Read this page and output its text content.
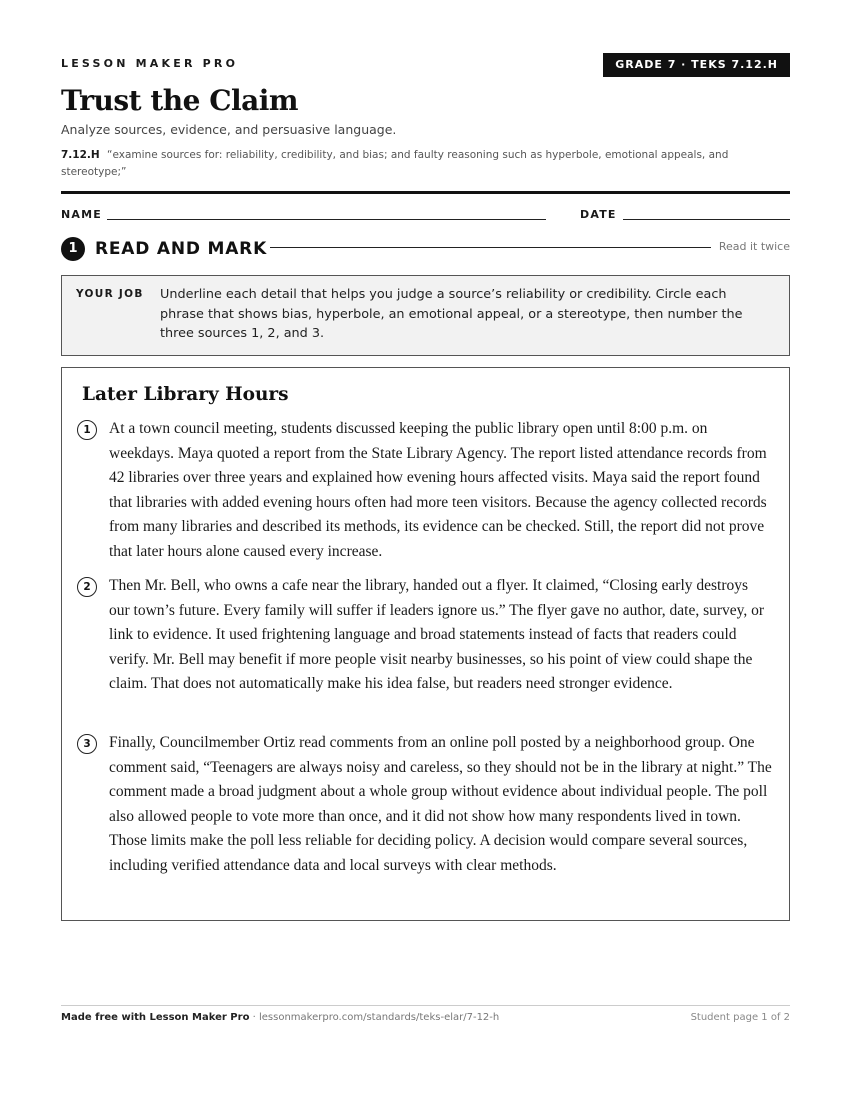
LESSON MAKER PRO	GRADE 7 · TEKS 7.12.H
Trust the Claim
Analyze sources, evidence, and persuasive language.
7.12.H “examine sources for: reliability, credibility, and bias; and faulty reasoning such as hyperbole, emotional appeals, and stereotype;”
NAME	DATE
1	READ AND MARK	Read it twice
YOUR JOB Underline each detail that helps you judge a source’s reliability or credibility. Circle each phrase that shows bias, hyperbole, an emotional appeal, or a stereotype, then number the three sources 1, 2, and 3.
Later Library Hours
1	At a town council meeting, students discussed keeping the public library open until 8:00 p.m. on weekdays. Maya quoted a report from the State Library Agency. The report listed attendance records from 42 libraries over three years and explained how evening hours affected visits. Maya said the report found that libraries with added evening hours often had more teen visitors. Because the agency collected records from many libraries and described its methods, its evidence can be checked. Still, the report did not prove that later hours alone caused every increase.
2	Then Mr. Bell, who owns a cafe near the library, handed out a flyer. It claimed, “Closing early destroys our town’s future. Every family will suffer if leaders ignore us.” The flyer gave no author, date, survey, or link to evidence. It used frightening language and broad statements instead of facts that readers could verify. Mr. Bell may benefit if more people visit nearby businesses, so his point of view could shape the claim. That does not automatically make his idea false, but readers need stronger evidence.
3	Finally, Councilmember Ortiz read comments from an online poll posted by a neighborhood group. One comment said, “Teenagers are always noisy and careless, so they should not be in the library at night.” The comment made a broad judgment about a whole group without evidence about individual people. The poll also allowed people to vote more than once, and it did not show how many respondents lived in town. Those limits make the poll less reliable for deciding policy. A decision would compare several sources, including verified attendance data and local surveys with clear methods.
Made free with Lesson Maker Pro · lessonmakerpro.com/standards/teks-elar/7-12-h	Student page 1 of 2
